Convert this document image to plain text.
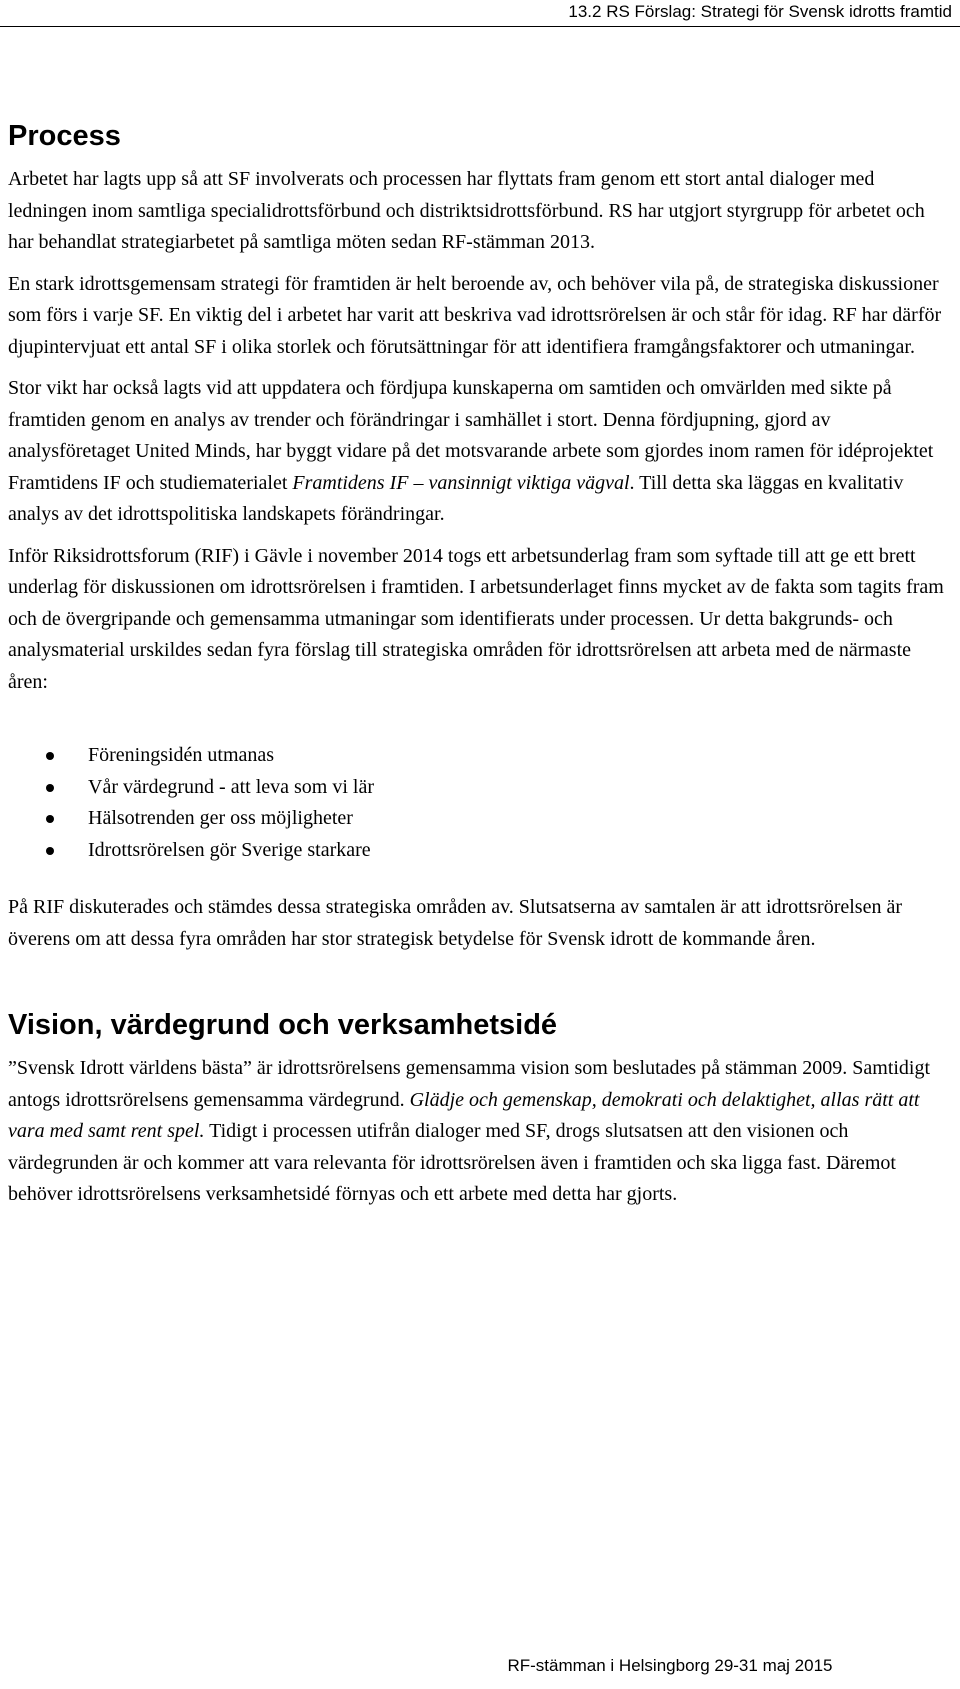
13.2 RS Förslag: Strategi för Svensk idrotts framtid
Process

Arbetet har lagts upp så att SF involverats och processen har flyttats fram genom ett stort antal dialoger med ledningen inom samtliga specialidrottsförbund och distriktsidrottsförbund. RS har utgjort styrgrupp för arbetet och har behandlat strategiarbetet på samtliga möten sedan RF-stämman 2013.

En stark idrottsgemensam strategi för framtiden är helt beroende av, och behöver vila på, de strategiska diskussioner som förs i varje SF. En viktig del i arbetet har varit att beskriva vad idrottsrörelsen är och står för idag. RF har därför djupintervjuat ett antal SF i olika storlek och förutsättningar för att identifiera framgångsfaktorer och utmaningar.

Stor vikt har också lagts vid att uppdatera och fördjupa kunskaperna om samtiden och omvärlden med sikte på framtiden genom en analys av trender och förändringar i samhället i stort. Denna fördjupning, gjord av analysföretaget United Minds, har byggt vidare på det motsvarande arbete som gjordes inom ramen för idéprojektet Framtidens IF och studiematerialet Framtidens IF – vansinnigt viktiga vägval. Till detta ska läggas en kvalitativ analys av det idrottspolitiska landskapets förändringar.

Inför Riksidrottsforum (RIF) i Gävle i november 2014 togs ett arbetsunderlag fram som syftade till att ge ett brett underlag för diskussionen om idrottsrörelsen i framtiden. I arbetsunderlaget finns mycket av de fakta som tagits fram och de övergripande och gemensamma utmaningar som identifierats under processen. Ur detta bakgrunds- och analysmaterial urskildes sedan fyra förslag till strategiska områden för idrottsrörelsen att arbeta med de närmaste åren:

Föreningsidén utmanas
Vår värdegrund - att leva som vi lär
Hälsotrenden ger oss möjligheter
Idrottsrörelsen gör Sverige starkare

På RIF diskuterades och stämdes dessa strategiska områden av. Slutsatserna av samtalen är att idrottsrörelsen är överens om att dessa fyra områden har stor strategisk betydelse för Svensk idrott de kommande åren.

Vision, värdegrund och verksamhetsidé

”Svensk Idrott världens bästa” är idrottsrörelsens gemensamma vision som beslutades på stämman 2009. Samtidigt antogs idrottsrörelsens gemensamma värdegrund. Glädje och gemenskap, demokrati och delaktighet, allas rätt att vara med samt rent spel. Tidigt i processen utifrån dialoger med SF, drogs slutsatsen att den visionen och värdegrunden är och kommer att vara relevanta för idrottsrörelsen även i framtiden och ska ligga fast. Däremot behöver idrottsrörelsens verksamhetsidé förnyas och ett arbete med detta har gjorts.

RF-stämman i Helsingborg 29-31 maj 2015
